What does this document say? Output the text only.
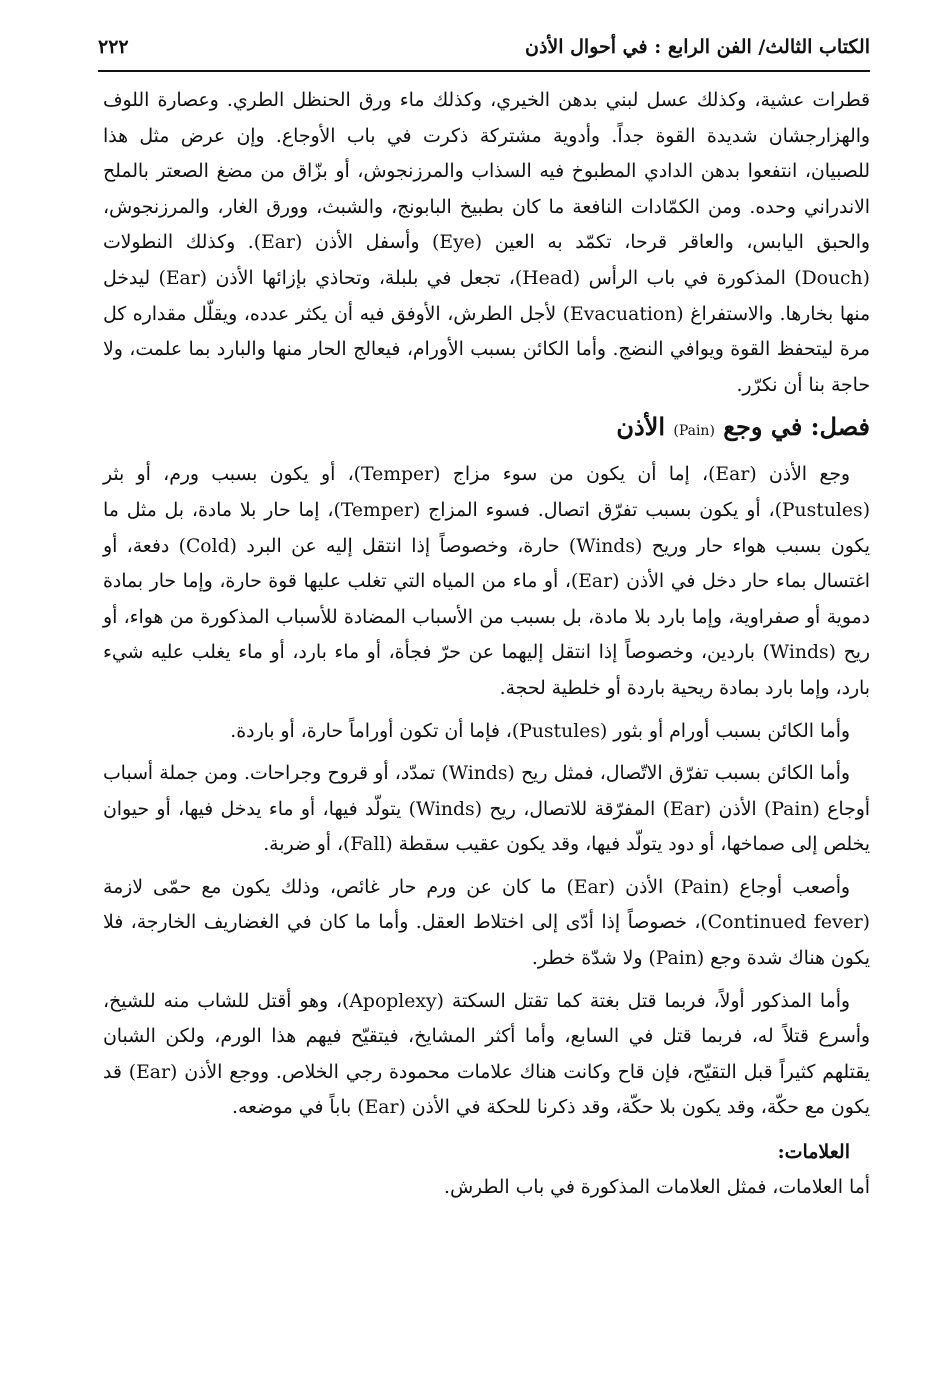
الكتاب الثالث/ الفن الرابع : في أحوال الأذن
٢٢٢

قطرات عشية، وكذلك عسل لبني بدهن الخيري، وكذلك ماء ورق الحنظل الطري. وعصارة اللوف والهزارجشان شديدة القوة جداً. وأدوية مشتركة ذكرت في باب الأوجاع. وإن عرض مثل هذا للصبيان، انتفعوا بدهن الدادي المطبوخ فيه السذاب والمرزنجوش، أو بزّاق من مضغ الصعتر بالملح الاندراني وحده. ومن الكمّادات النافعة ما كان بطبيخ البابونج، والشبث، وورق الغار، والمرزنجوش، والحبق اليابس، والعاقر قرحا، تكمّد به العين (Eye) وأسفل الأذن (Ear). وكذلك النطولات (Douch) المذكورة في باب الرأس (Head)، تجعل في بلبلة، وتحاذي بإزائها الأذن (Ear) ليدخل منها بخارها. والاستفراغ (Evacuation) لأجل الطرش، الأوفق فيه أن يكثر عدده، ويقلّل مقداره كل مرة ليتحفظ القوة ويوافي النضج. وأما الكائن بسبب الأورام، فيعالج الحار منها والبارد بما علمت، ولا حاجة بنا أن نكرّر.

فصل: في وجع (Pain) الأذن

وجع الأذن (Ear)، إما أن يكون من سوء مزاج (Temper)، أو يكون بسبب ورم، أو بثر (Pustules)، أو يكون بسبب تفرّق اتصال. فسوء المزاج (Temper)، إما حار بلا مادة، بل مثل ما يكون بسبب هواء حار وريح (Winds) حارة، وخصوصاً إذا انتقل إليه عن البرد (Cold) دفعة، أو اغتسال بماء حار دخل في الأذن (Ear)، أو ماء من المياه التي تغلب عليها قوة حارة، وإما حار بمادة دموية أو صفراوية، وإما بارد بلا مادة، بل بسبب من الأسباب المضادة للأسباب المذكورة من هواء، أو ريح (Winds) باردين، وخصوصاً إذا انتقل إليهما عن حرّ فجأة، أو ماء بارد، أو ماء يغلب عليه شيء بارد، وإما بارد بمادة ريحية باردة أو خلطية لحجة.

وأما الكائن بسبب أورام أو بثور (Pustules)، فإما أن تكون أوراماً حارة، أو باردة.

وأما الكائن بسبب تفرّق الاتّصال، فمثل ريح (Winds) تمدّد، أو قروح وجراحات. ومن جملة أسباب أوجاع (Pain) الأذن (Ear) المفرّقة للاتصال، ريح (Winds) يتولّد فيها، أو ماء يدخل فيها، أو حيوان يخلص إلى صماخها، أو دود يتولّد فيها، وقد يكون عقيب سقطة (Fall)، أو ضربة.

وأصعب أوجاع (Pain) الأذن (Ear) ما كان عن ورم حار غائص، وذلك يكون مع حمّى لازمة (Continued fever)، خصوصاً إذا أدّى إلى اختلاط العقل. وأما ما كان في الغضاريف الخارجة، فلا يكون هناك شدة وجع (Pain) ولا شدّة خطر.

وأما المذكور أولاً، فربما قتل بغتة كما تقتل السكتة (Apoplexy)، وهو أقتل للشاب منه للشيخ، وأسرع قتلاً له، فربما قتل في السابع، وأما أكثر المشايخ، فيتقيّح فيهم هذا الورم، ولكن الشبان يقتلهم كثيراً قبل التقيّح، فإن قاح وكانت هناك علامات محمودة رجي الخلاص. ووجع الأذن (Ear) قد يكون مع حكّة، وقد يكون بلا حكّة، وقد ذكرنا للحكة في الأذن (Ear) باباً في موضعه.

العلامات:

أما العلامات، فمثل العلامات المذكورة في باب الطرش.
